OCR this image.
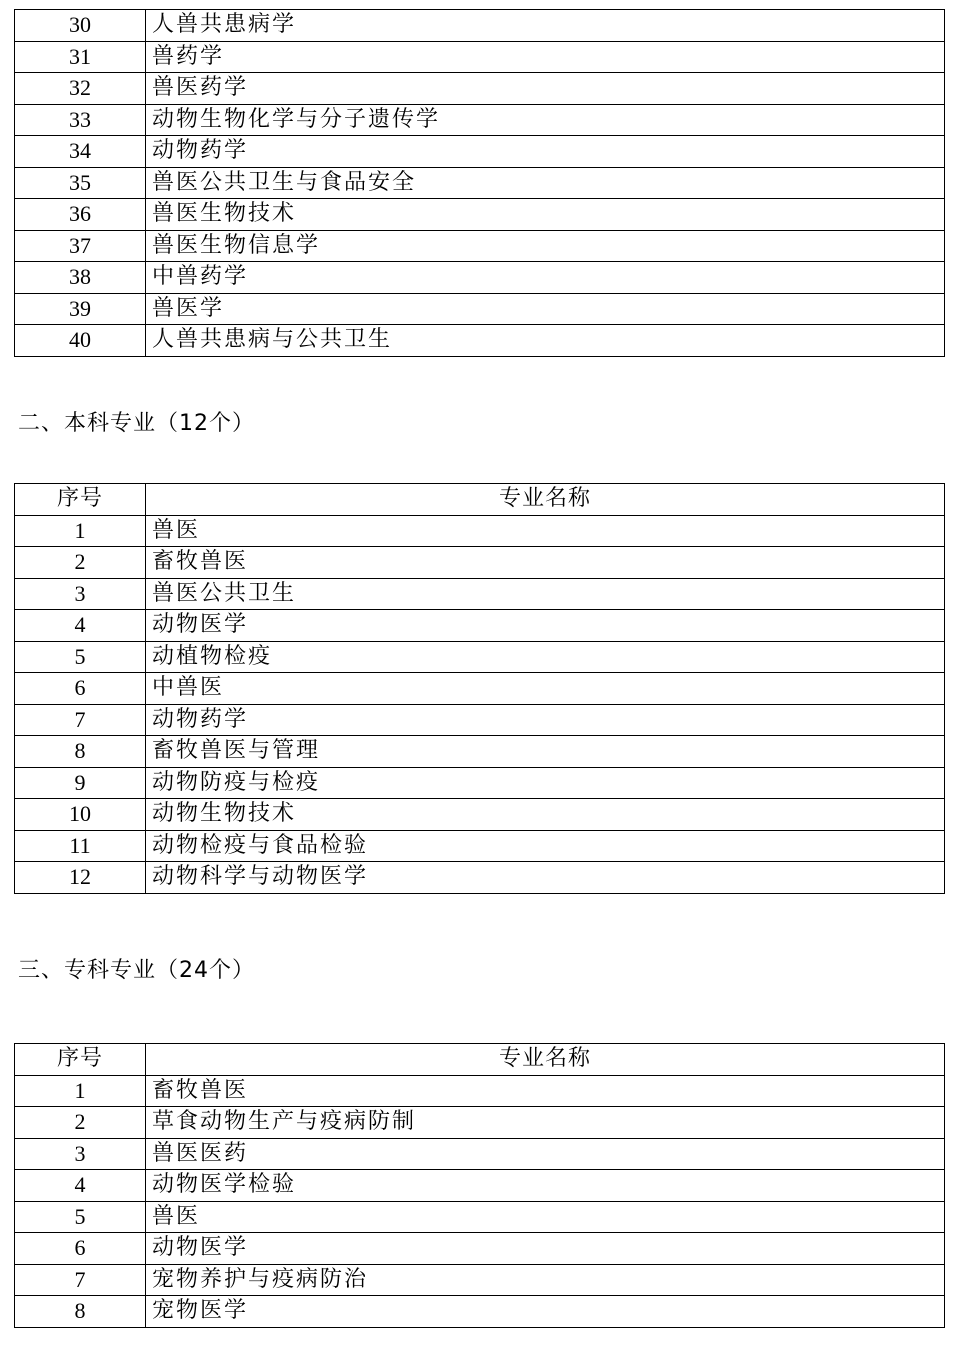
30	人兽共患病学
31	兽药学
32	兽医药学
33	动物生物化学与分子遗传学
34	动物药学
35	兽医公共卫生与食品安全
36	兽医生物技术
37	兽医生物信息学
38	中兽药学
39	兽医学
40	人兽共患病与公共卫生
二、本科专业（12个）
序号	专业名称
1	兽医
2	畜牧兽医
3	兽医公共卫生
4	动物医学
5	动植物检疫
6	中兽医
7	动物药学
8	畜牧兽医与管理
9	动物防疫与检疫
10	动物生物技术
11	动物检疫与食品检验
12	动物科学与动物医学
三、专科专业（24个）
序号	专业名称
1	畜牧兽医
2	草食动物生产与疫病防制
3	兽医医药
4	动物医学检验
5	兽医
6	动物医学
7	宠物养护与疫病防治
8	宠物医学
